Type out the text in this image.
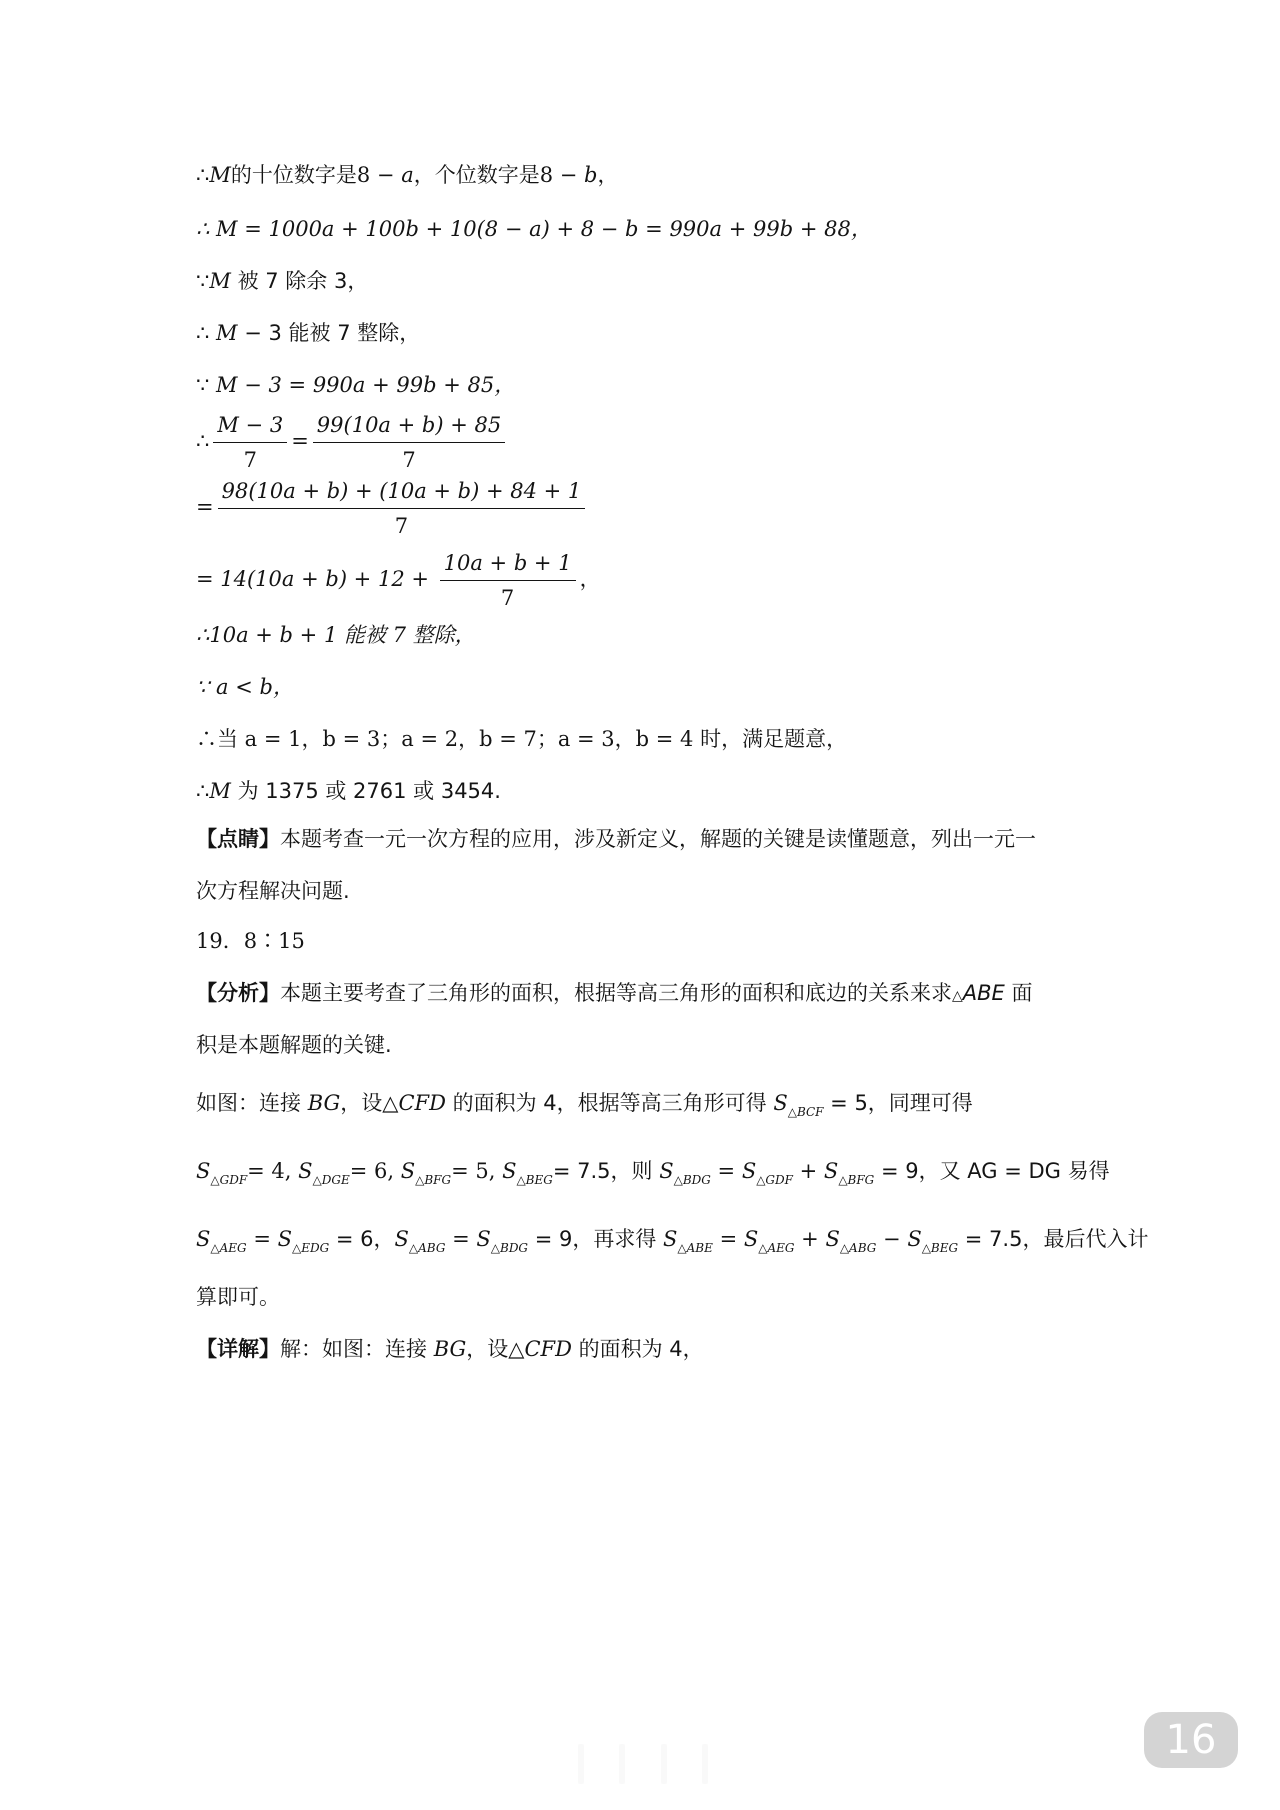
∴M的十位数字是8 − a，个位数字是8 − b，
∴ M = 1000a + 100b + 10(8 − a) + 8 − b = 990a + 99b + 88，
∵M 被 7 除余 3，
∴ M − 3 能被 7 整除，
∵ M − 3 = 990a + 99b + 85，
∴ $\frac{M - 3}{7} = \frac{99(10a + b) + 85}{7}$
= $\frac{98(10a + b) + (10a + b) + 84 + 1}{7}$
= $14(10a + b) + 12 + \frac{10a + b + 1}{7}$ ，
∴10a + b + 1 能被 7 整除，
∵ a < b，
∴当 a = 1，b = 3；a = 2，b = 7；a = 3，b = 4 时，满足题意，
∴M 为 1375 或 2761 或 3454.
【点睛】本题考查一元一次方程的应用，涉及新定义，解题的关键是读懂题意，列出一元一
次方程解决问题.
19．8∶15
【分析】本题主要考查了三角形的面积，根据等高三角形的面积和底边的关系来求△ABE 面
积是本题解题的关键.
如图：连接 BG，设△CFD 的面积为 4，根据等高三角形可得 $S_{\triangle BCF} = 5$，同理可得
$S_{\triangle GDF}= 4$, $S_{\triangle DGE}= 6$, $S_{\triangle BFG}= 5$, $S_{\triangle BEG}= 7.5$，则 $S_{\triangle BDG} = S_{\triangle GDF} + S_{\triangle BFG} = 9$，又 AG = DG 易得
$S_{\triangle AEG} = S_{\triangle EDG} = 6$，$S_{\triangle ABG} = S_{\triangle BDG} = 9$，再求得 $S_{\triangle ABE} = S_{\triangle AEG} + S_{\triangle ABG} - S_{\triangle BEG} = 7.5$，最后代入计
算即可。
【详解】解：如图：连接 BG，设△CFD 的面积为 4，
16
